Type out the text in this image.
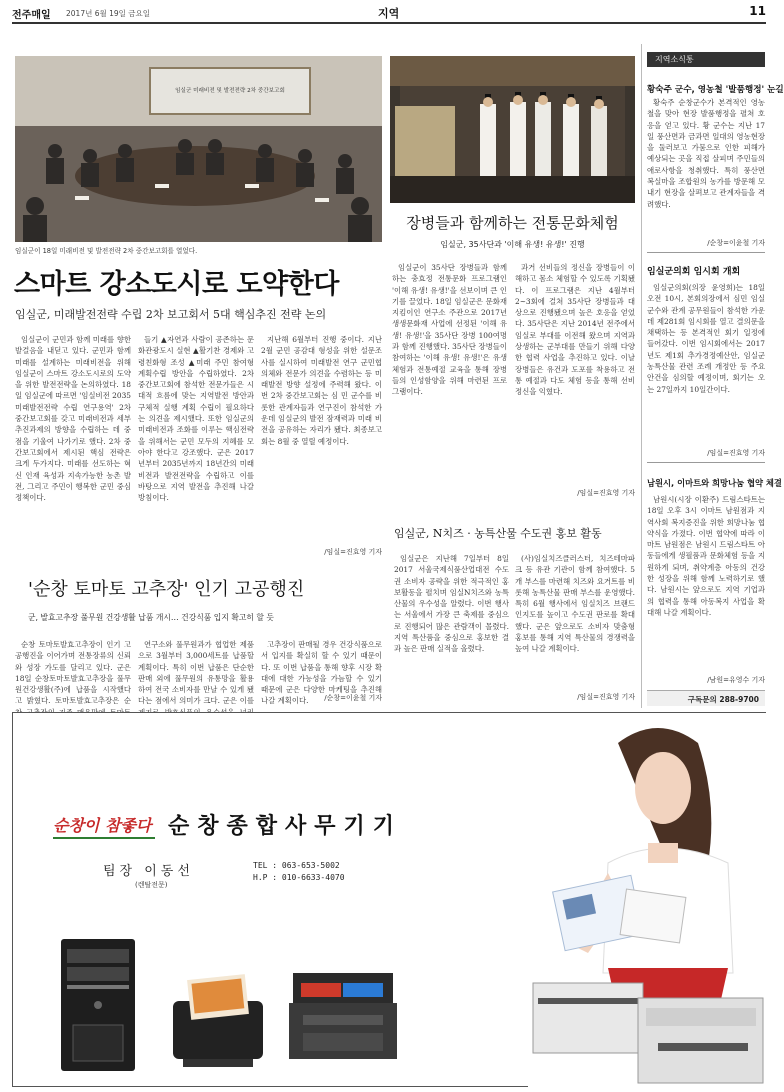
전주매일 2017년 6월 19일 금요일	지역	11
임실군 미래비전 및 발전전략 2차 중간보고회
임실군이 18일 미래비전 및 발전전략 2차 중간보고회를 열었다.
스마트 강소도시로 도약한다
임실군, 미래발전전략 수립 2차 보고회서 5대 핵심추진 전략 논의

임실군이 군민과 함께 미래를 향한 발걸음을 내딛고 있다. 군민과 함께 미래를 설계하는 미래비전을 위해 임실군이 스마트 강소도시로의 도약을 위한 발전전략을 논의하였다. 18일 임실군에 따르면 '임실비전 2035 미래발전전략 수립 연구용역' 2차 중간보고회를 갖고 미래비전과 세부 추진과제의 방향을 수립하는 데 중점을 기울여 나가기로 했다. 2차 중간보고회에서 제시된 핵심 전략은 크게 두가지다. 미래를 선도하는 혁신 인재 육성과 지속가능한 농촌 발전, 그리고 주민이 행복한 군민 중심 정책이다.

들기 ▲자연과 사람이 공존하는 문화관광도시 실현 ▲활기찬 경제와 고령친화형 조성 ▲미래 주민 참여형 계획수립 방안을 수립하였다. 2차 중간보고회에 참석한 전문가들은 시대적 흐름에 맞는 지역발전 방안과 구체적 실행 계획 수립이 필요하다는 의견을 제시했다. 또한 임실군의 미래비전과 조화를 이루는 핵심전략을 위해서는 군민 모두의 지혜를 모아야 한다고 강조했다. 군은 2017년부터 2035년까지 18년간의 미래비전과 발전전략을 수립하고 이를 바탕으로 지역 발전을 추진해 나갈 방침이다.

지난해 6월부터 진행 중이다. 지난 2월 군민 공감대 형성을 위한 설문조사를 실시하여 미래발전 연구 군민협의체와 전문가 의견을 수렴하는 등 미래발전 방향 설정에 주력해 왔다. 이번 2차 중간보고회는 심 민 군수를 비롯한 관계자들과 연구진이 참석한 가운데 임실군의 발전 잠재력과 미래 비전을 공유하는 자리가 됐다. 최종보고회는 8월 중 열릴 예정이다.

/임실=진효영 기자
장병들과 함께하는 전통문화체험
임실군, 35사단과 '이해 유생! 유생!' 진행

임실군이 35사단 장병들과 함께 하는 충효정 전통문화 프로그램인 '이해 유생! 유생!'을 선보이며 큰 인기를 끌었다. 18일 임실군은 문화재지킴이인 연구소 주관으로 2017년 생생문화재 사업에 선정된 '이해 유생! 유생!'을 35사단 장병 100여명과 함께 진행했다. 35사단 장병들이 참여하는 '이해 유생! 유생!'은 유생체험과 전통예절 교육을 통해 장병들의 인성함양을 위해 마련된 프로그램이다.

과거 선비들의 정신을 장병들이 이해하고 몸소 체험할 수 있도록 기획됐다. 이 프로그램은 지난 4월부터 2~3회에 걸쳐 35사단 장병들과 대상으로 진행됐으며 높은 호응을 얻었다. 35사단은 지난 2014년 전주에서 임실로 부대를 이전해 왔으며 지역과 상생하는 군부대를 만들기 위해 다양한 협력 사업을 추진하고 있다. 이날 장병들은 유건과 도포를 착용하고 전통 예절과 다도 체험 등을 통해 선비 정신을 익혔다.

/임실=진효영 기자
임실군, N치즈 · 농특산물 수도권 홍보 활동

임실군은 지난해 7일부터 8일 2017 서울국제식품산업대전 수도권 소비자 공략을 위한 적극적인 홍보활동을 펼치며 임실N치즈와 농특산물의 우수성을 알렸다. 이번 행사는 서울에서 가장 큰 축제를 중심으로 진행되어 많은 관람객이 몰렸다. 지역 특산품을 중심으로 홍보한 결과 높은 판매 실적을 올렸다.

(사)임실치즈클러스터, 치즈테마파크 등 유관 기관이 함께 참여했다. 5개 부스를 마련해 치즈와 요거트를 비롯해 농특산물 판매 부스를 운영했다. 특히 6월 행사에서 임실치즈 브랜드 인지도를 높이고 수도권 판로를 확대했다. 군은 앞으로도 소비자 맞춤형 홍보를 통해 지역 특산물의 경쟁력을 높여 나갈 계획이다.

/임실=진효영 기자
'순창 토마토 고추장' 인기 고공행진
군, 발효고추장 풀무원 건강생활 납품 개시… 건강식품 입지 확고히 할 듯

순창 토마토발효고추장이 인기 고공행진을 이어가며 전통장류의 신뢰와 성장 가도를 달리고 있다. 군은 18일 순창토마토발효고추장을 풀무원건강생활(주)에 납품을 시작했다고 밝혔다. 토마토발효고추장은 순

연구소와 풀무원과가 협업한 제품으로 3월부터 3,000세트를 납품할 계획이다. 특히 이번 납품은 단순한 판매 외에 풀무원의 유통망을 활용하여 전국 소비자를 만날 수 있게 됐다는 점에서 의미가 크다. 군은 이를

고추장이 판매될 경우 건강식품으로서 입지를 확실히 할 수 있기 때문이다. 또 이번 납품을 통해 향후 시장 확대에 대한 가능성을 가늠할 수 있기 때문에 군은 다양한 마케팅을 추진해 나갈 계획이다.	/순창=이윤철 기자
지역소식통
황숙주 군수, 영농철 '발품행정' 눈길

황숙주 순창군수가 본격적인 영농철을 맞아 현장 발품행정을 펼쳐 호응을 얻고 있다. 황 군수는 지난 17일 풍산면과 금과면 일대의 영농현장을 둘러보고 가뭄으로 인한 피해가 예상되는 곳을 직접 살피며 주민들의 애로사항을 청취했다. 특히 풍산면 복실마을 조합원의 농가를 방문해 모내기 현장을 살펴보고 관계자들을 격려했다.

/순창=이윤철 기자
임실군의회 임시회 개회

임실군의회(의장 윤영희)는 18일 오전 10시, 본회의장에서 심민 임실군수와 관계 공무원들이 참석한 가운데 제281회 임시회를 열고 결의문을 채택하는 등 본격적인 회기 일정에 들어갔다. 이번 임시회에서는 2017년도 제1회 추가경정예산안, 임실군 농특산물 관련 조례 개정안 등 주요 안건을 심의할 예정이며, 회기는 오는 27일까지 10일간이다.

/임실=진효영 기자
남원시, 이마트와 희망나눔 협약 체결

남원시(시장 이환주) 드림스타트는 18일 오후 3시 이마트 남원점과 지역사회 복지증진을 위한 희망나눔 협약식을 가졌다. 이번 협약에 따라 이마트 남원점은 남원시 드림스타트 아동들에게 생필품과 문화체험 등을 지원하게 되며, 취약계층 아동의 건강한 성장을 위해 함께 노력하기로 했다. 남원시는 앞으로도 지역 기업과의 협력을 통해 아동복지 사업을 확대해 나갈 계획이다.

/남원=유영수 기자
구독문의 288-9700
순창이 참좋다 순창종합사무기기
팀장 이동선
(렌탈전문)
TEL : 063-653-5002
H.P : 010-6633-4070
